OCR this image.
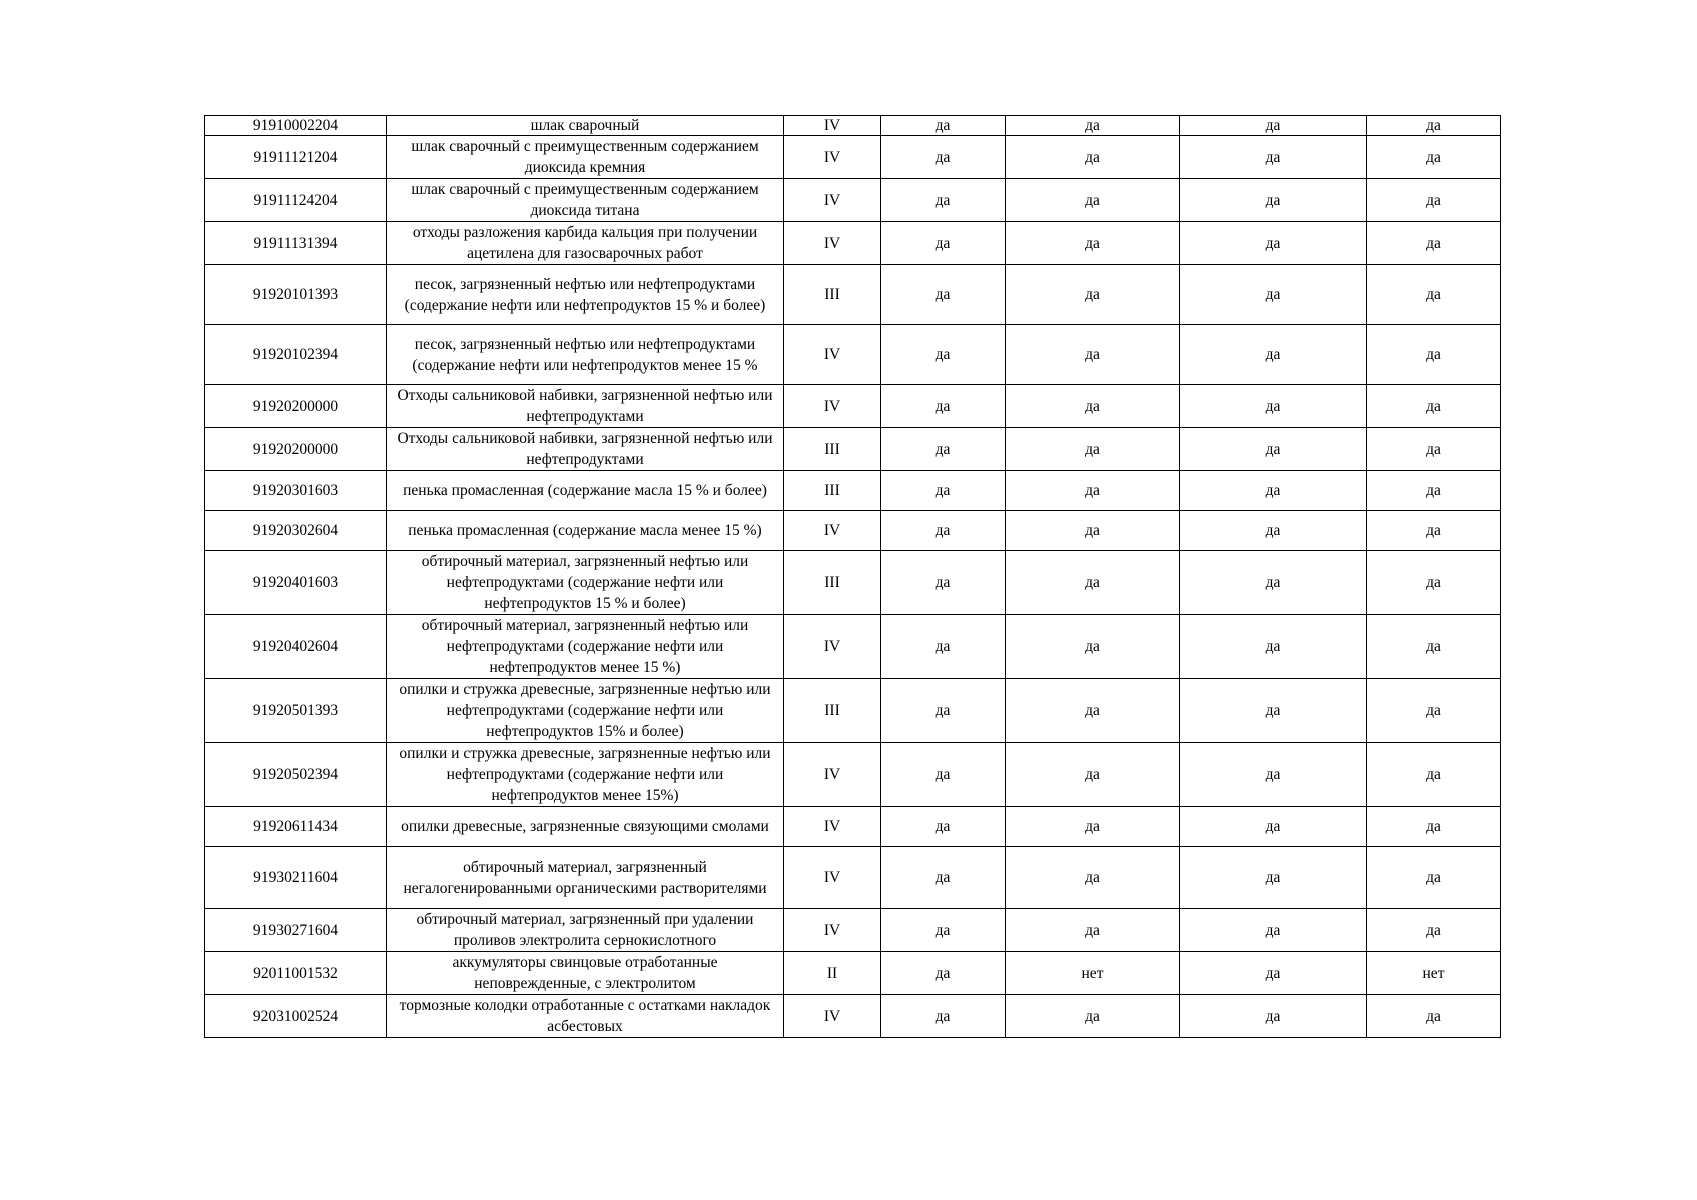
91910002204	шлак сварочный	IV	да	да	да	да
91911121204	шлак сварочный с преимущественным содержанием диоксида кремния	IV	да	да	да	да
91911124204	шлак сварочный с преимущественным содержанием диоксида титана	IV	да	да	да	да
91911131394	отходы разложения карбида кальция при получении ацетилена для газосварочных работ	IV	да	да	да	да
91920101393	песок, загрязненный нефтью или нефтепродуктами (содержание нефти или нефтепродуктов 15 % и более)	III	да	да	да	да
91920102394	песок, загрязненный нефтью или нефтепродуктами (содержание нефти или нефтепродуктов менее 15 %	IV	да	да	да	да
91920200000	Отходы сальниковой набивки, загрязненной нефтью или нефтепродуктами	IV	да	да	да	да
91920200000	Отходы сальниковой набивки, загрязненной нефтью или нефтепродуктами	III	да	да	да	да
91920301603	пенька промасленная (содержание масла 15 % и более)	III	да	да	да	да
91920302604	пенька промасленная (содержание масла менее 15 %)	IV	да	да	да	да
91920401603	обтирочный материал, загрязненный нефтью или нефтепродуктами (содержание нефти или нефтепродуктов 15 % и более)	III	да	да	да	да
91920402604	обтирочный материал, загрязненный нефтью или нефтепродуктами (содержание нефти или нефтепродуктов менее 15 %)	IV	да	да	да	да
91920501393	опилки и стружка древесные, загрязненные нефтью или нефтепродуктами (содержание нефти или нефтепродуктов 15% и более)	III	да	да	да	да
91920502394	опилки и стружка древесные, загрязненные нефтью или нефтепродуктами (содержание нефти или нефтепродуктов менее 15%)	IV	да	да	да	да
91920611434	опилки древесные, загрязненные связующими смолами	IV	да	да	да	да
91930211604	обтирочный материал, загрязненный негалогенированными органическими растворителями	IV	да	да	да	да
91930271604	обтирочный материал, загрязненный при удалении проливов электролита сернокислотного	IV	да	да	да	да
92011001532	аккумуляторы свинцовые отработанные неповрежденные, с электролитом	II	да	нет	да	нет
92031002524	тормозные колодки отработанные с остатками накладок асбестовых	IV	да	да	да	да
